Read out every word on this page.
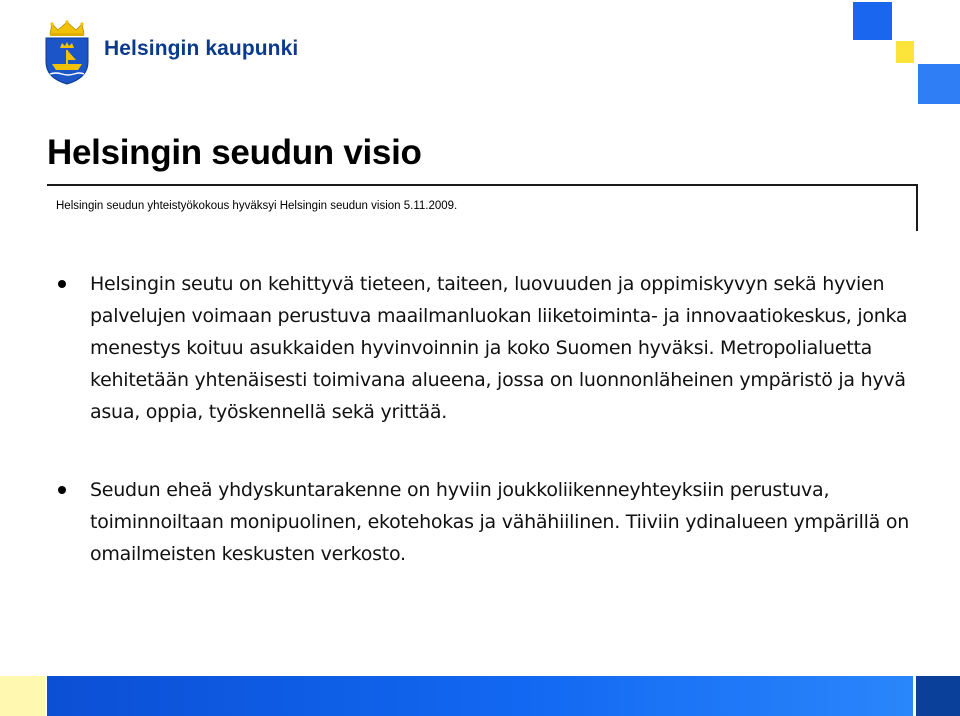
Helsingin kaupunki
Helsingin seudun visio
Helsingin seudun yhteistyökokous hyväksyi Helsingin seudun vision 5.11.2009.
Helsingin seutu on kehittyvä tieteen, taiteen, luovuuden ja oppimiskyvyn sekä hyvien palvelujen voimaan perustuva maailmanluokan liiketoiminta- ja innovaatiokeskus, jonka menestys koituu asukkaiden hyvinvoinnin ja koko Suomen hyväksi. Metropolialuetta kehitetään yhtenäisesti toimivana alueena, jossa on luonnonläheinen ympäristö ja hyvä asua, oppia, työskennellä sekä yrittää.
Seudun eheä yhdyskuntarakenne on hyviin joukkoliikenneyhteyksiin perustuva, toiminnoiltaan monipuolinen, ekotehokas ja vähähiilinen. Tiiviin ydinalueen ympärillä on omailmeisten keskusten verkosto.
